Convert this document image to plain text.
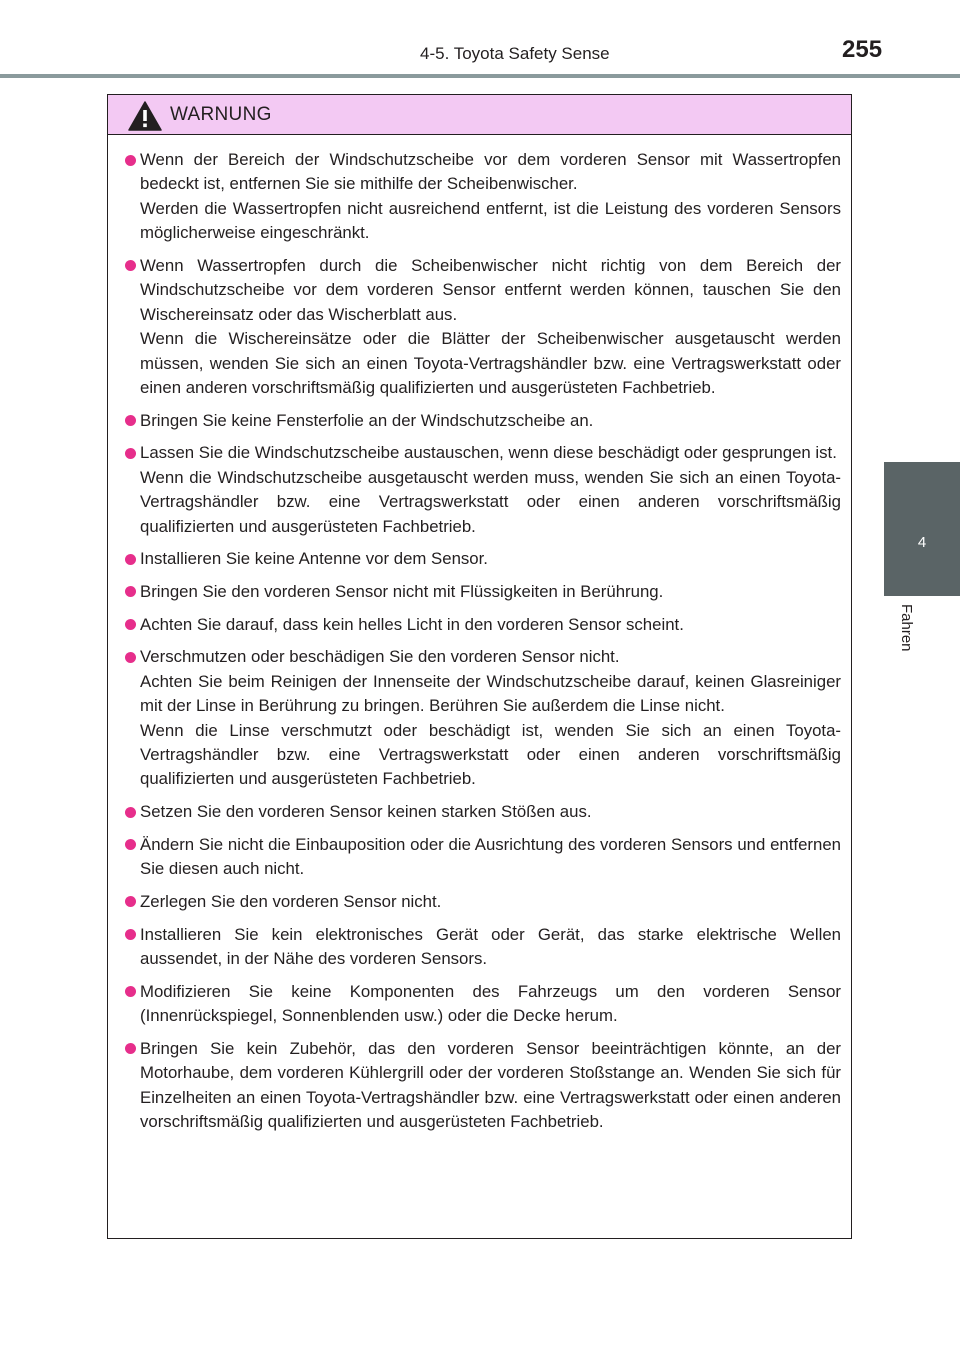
4-5. Toyota Safety Sense	255
4
Fahren
WARNUNG
Wenn der Bereich der Windschutzscheibe vor dem vorderen Sensor mit Wassertropfen bedeckt ist, entfernen Sie sie mithilfe der Scheibenwischer.
Werden die Wassertropfen nicht ausreichend entfernt, ist die Leistung des vorderen Sensors möglicherweise eingeschränkt.
Wenn Wassertropfen durch die Scheibenwischer nicht richtig von dem Bereich der Windschutzscheibe vor dem vorderen Sensor entfernt werden können, tauschen Sie den Wischereinsatz oder das Wischerblatt aus.
Wenn die Wischereinsätze oder die Blätter der Scheibenwischer ausgetauscht werden müssen, wenden Sie sich an einen Toyota-Vertragshändler bzw. eine Vertragswerkstatt oder einen anderen vorschriftsmäßig qualifizierten und ausgerüsteten Fachbetrieb.
Bringen Sie keine Fensterfolie an der Windschutzscheibe an.
Lassen Sie die Windschutzscheibe austauschen, wenn diese beschädigt oder gesprungen ist.
Wenn die Windschutzscheibe ausgetauscht werden muss, wenden Sie sich an einen Toyota-Vertragshändler bzw. eine Vertragswerkstatt oder einen anderen vorschriftsmäßig qualifizierten und ausgerüsteten Fachbetrieb.
Installieren Sie keine Antenne vor dem Sensor.
Bringen Sie den vorderen Sensor nicht mit Flüssigkeiten in Berührung.
Achten Sie darauf, dass kein helles Licht in den vorderen Sensor scheint.
Verschmutzen oder beschädigen Sie den vorderen Sensor nicht.
Achten Sie beim Reinigen der Innenseite der Windschutzscheibe darauf, keinen Glasreiniger mit der Linse in Berührung zu bringen. Berühren Sie außerdem die Linse nicht.
Wenn die Linse verschmutzt oder beschädigt ist, wenden Sie sich an einen Toyota-Vertragshändler bzw. eine Vertragswerkstatt oder einen anderen vorschriftsmäßig qualifizierten und ausgerüsteten Fachbetrieb.
Setzen Sie den vorderen Sensor keinen starken Stößen aus.
Ändern Sie nicht die Einbauposition oder die Ausrichtung des vorderen Sensors und entfernen Sie diesen auch nicht.
Zerlegen Sie den vorderen Sensor nicht.
Installieren Sie kein elektronisches Gerät oder Gerät, das starke elektrische Wellen aussendet, in der Nähe des vorderen Sensors.
Modifizieren Sie keine Komponenten des Fahrzeugs um den vorderen Sensor (Innenrückspiegel, Sonnenblenden usw.) oder die Decke herum.
Bringen Sie kein Zubehör, das den vorderen Sensor beeinträchtigen könnte, an der Motorhaube, dem vorderen Kühlergrill oder der vorderen Stoßstange an. Wenden Sie sich für Einzelheiten an einen Toyota-Vertragshändler bzw. eine Vertragswerkstatt oder einen anderen vorschriftsmäßig qualifizierten und ausgerüsteten Fachbetrieb.
